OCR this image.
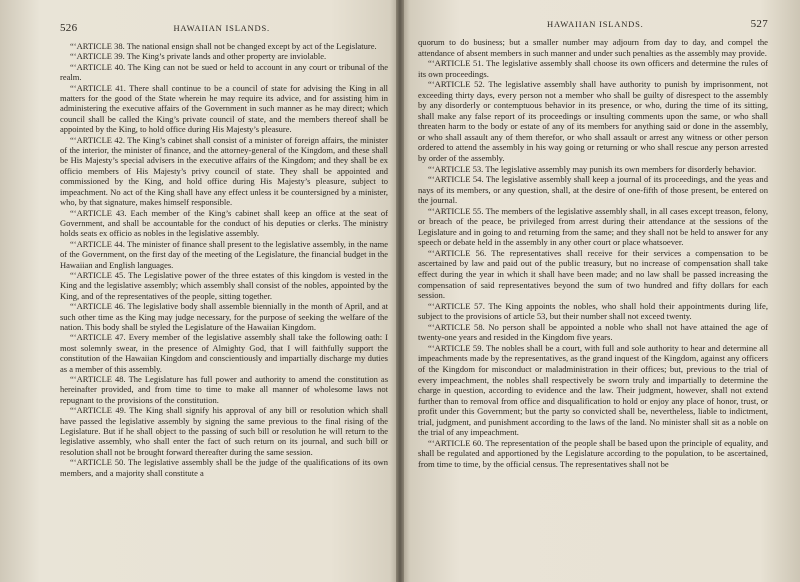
526	HAWAIIAN ISLANDS.

“‘ARTICLE 38. The national ensign shall not be changed except by act of the Legislature.

“‘ARTICLE 39. The King’s private lands and other property are inviolable.

“‘ARTICLE 40. The King can not be sued or held to account in any court or tribunal of the realm.

“‘ARTICLE 41. There shall continue to be a council of state for advising the King in all matters for the good of the State wherein he may require its advice, and for assisting him in administering the executive affairs of the Government in such manner as he may direct; which council shall be called the King’s private council of state, and the members thereof shall be appointed by the King, to hold office during His Majesty’s pleasure.

“‘ARTICLE 42. The King’s cabinet shall consist of a minister of foreign affairs, the minister of the interior, the minister of finance, and the attorney-general of the Kingdom, and these shall be His Majesty’s special advisers in the executive affairs of the Kingdom; and they shall be ex officio members of His Majesty’s privy council of state. They shall be appointed and commissioned by the King, and hold office during His Majesty’s pleasure, subject to impeachment. No act of the King shall have any effect unless it be countersigned by a minister, who, by that signature, makes himself responsible.

“‘ARTICLE 43. Each member of the King’s cabinet shall keep an office at the seat of Government, and shall be accountable for the conduct of his deputies or clerks. The ministry holds seats ex officio as nobles in the legislative assembly.

“‘ARTICLE 44. The minister of finance shall present to the legislative assembly, in the name of the Government, on the first day of the meeting of the Legislature, the financial budget in the Hawaiian and English languages.

“‘ARTICLE 45. The Legislative power of the three estates of this kingdom is vested in the King and the legislative assembly; which assembly shall consist of the nobles, appointed by the King, and of the representatives of the people, sitting together.

“‘ARTICLE 46. The legislative body shall assemble biennially in the month of April, and at such other time as the King may judge necessary, for the purpose of seeking the welfare of the nation. This body shall be styled the Legislature of the Hawaiian Kingdom.

“‘ARTICLE 47. Every member of the legislative assembly shall take the following oath: I most solemnly swear, in the presence of Almighty God, that I will faithfully support the constitution of the Hawaiian Kingdom and conscientiously and impartially discharge my duties as a member of this assembly.

“‘ARTICLE 48. The Legislature has full power and authority to amend the constitution as hereinafter provided, and from time to time to make all manner of wholesome laws not repugnant to the provisions of the constitution.

“‘ARTICLE 49. The King shall signify his approval of any bill or resolution which shall have passed the legislative assembly by signing the same previous to the final rising of the Legislature. But if he shall object to the passing of such bill or resolution he will return to the legislative assembly, who shall enter the fact of such return on its journal, and such bill or resolution shall not be brought forward thereafter during the same session.

“‘ARTICLE 50. The legislative assembly shall be the judge of the qualifications of its own members, and a majority shall constitute a

HAWAIIAN ISLANDS.	527

quorum to do business; but a smaller number may adjourn from day to day, and compel the attendance of absent members in such manner and under such penalties as the assembly may provide.

“‘ARTICLE 51. The legislative assembly shall choose its own officers and determine the rules of its own proceedings.

“‘ARTICLE 52. The legislative assembly shall have authority to punish by imprisonment, not exceeding thirty days, every person not a member who shall be guilty of disrespect to the assembly by any disorderly or contemptuous behavior in its presence, or who, during the time of its sitting, shall make any false report of its proceedings or insulting comments upon the same, or who shall threaten harm to the body or estate of any of its members for anything said or done in the assembly, or who shall assault any of them therefor, or who shall assault or arrest any witness or other person ordered to attend the assembly in his way going or returning or who shall rescue any person arrested by order of the assembly.

“‘ARTICLE 53. The legislative assembly may punish its own members for disorderly behavior.

“‘ARTICLE 54. The legislative assembly shall keep a journal of its proceedings, and the yeas and nays of its members, or any question, shall, at the desire of one-fifth of those present, be entered on the journal.

“‘ARTICLE 55. The members of the legislative assembly shall, in all cases except treason, felony, or breach of the peace, be privileged from arrest during their attendance at the sessions of the Legislature and in going to and returning from the same; and they shall not be held to answer for any speech or debate held in the assembly in any other court or place whatsoever.

“‘ARTICLE 56. The representatives shall receive for their services a compensation to be ascertained by law and paid out of the public treasury, but no increase of compensation shall take effect during the year in which it shall have been made; and no law shall be passed increasing the compensation of said representatives beyond the sum of two hundred and fifty dollars for each session.

“‘ARTICLE 57. The King appoints the nobles, who shall hold their appointments during life, subject to the provisions of article 53, but their number shall not exceed twenty.

“‘ARTICLE 58. No person shall be appointed a noble who shall not have attained the age of twenty-one years and resided in the Kingdom five years.

“‘ARTICLE 59. The nobles shall be a court, with full and sole authority to hear and determine all impeachments made by the representatives, as the grand inquest of the Kingdom, against any officers of the Kingdom for misconduct or maladministration in their offices; but, previous to the trial of every impeachment, the nobles shall respectively be sworn truly and impartially to determine the charge in question, according to evidence and the law. Their judgment, however, shall not extend further than to removal from office and disqualification to hold or enjoy any place of honor, trust, or profit under this Government; but the party so convicted shall be, nevertheless, liable to indictment, trial, judgment, and punishment according to the laws of the land. No minister shall sit as a noble on the trial of any impeachment.

“‘ARTICLE 60. The representation of the people shall be based upon the principle of equality, and shall be regulated and apportioned by the Legislature according to the population, to be ascertained, from time to time, by the official census. The representatives shall not be
